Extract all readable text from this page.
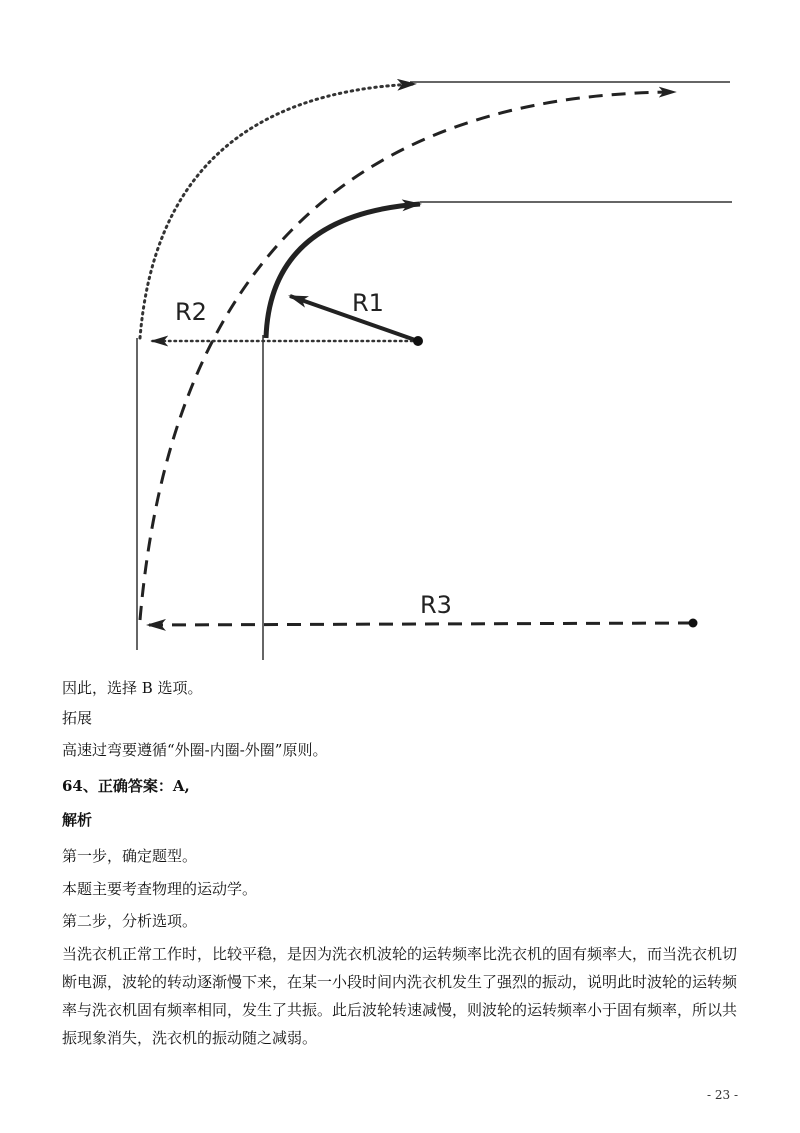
R1
R2
R3
因此，选择 B 选项。
拓展
高速过弯要遵循“外圈-内圈-外圈”原则。
64、正确答案：A,
解析
第一步，确定题型。
本题主要考查物理的运动学。
第二步，分析选项。
当洗衣机正常工作时，比较平稳，是因为洗衣机波轮的运转频率比洗衣机的固有频率大，而当洗衣机切断电源，波轮的转动逐渐慢下来，在某一小段时间内洗衣机发生了强烈的振动，说明此时波轮的运转频率与洗衣机固有频率相同，发生了共振。此后波轮转速减慢，则波轮的运转频率小于固有频率，所以共振现象消失，洗衣机的振动随之减弱。
- 23 -
